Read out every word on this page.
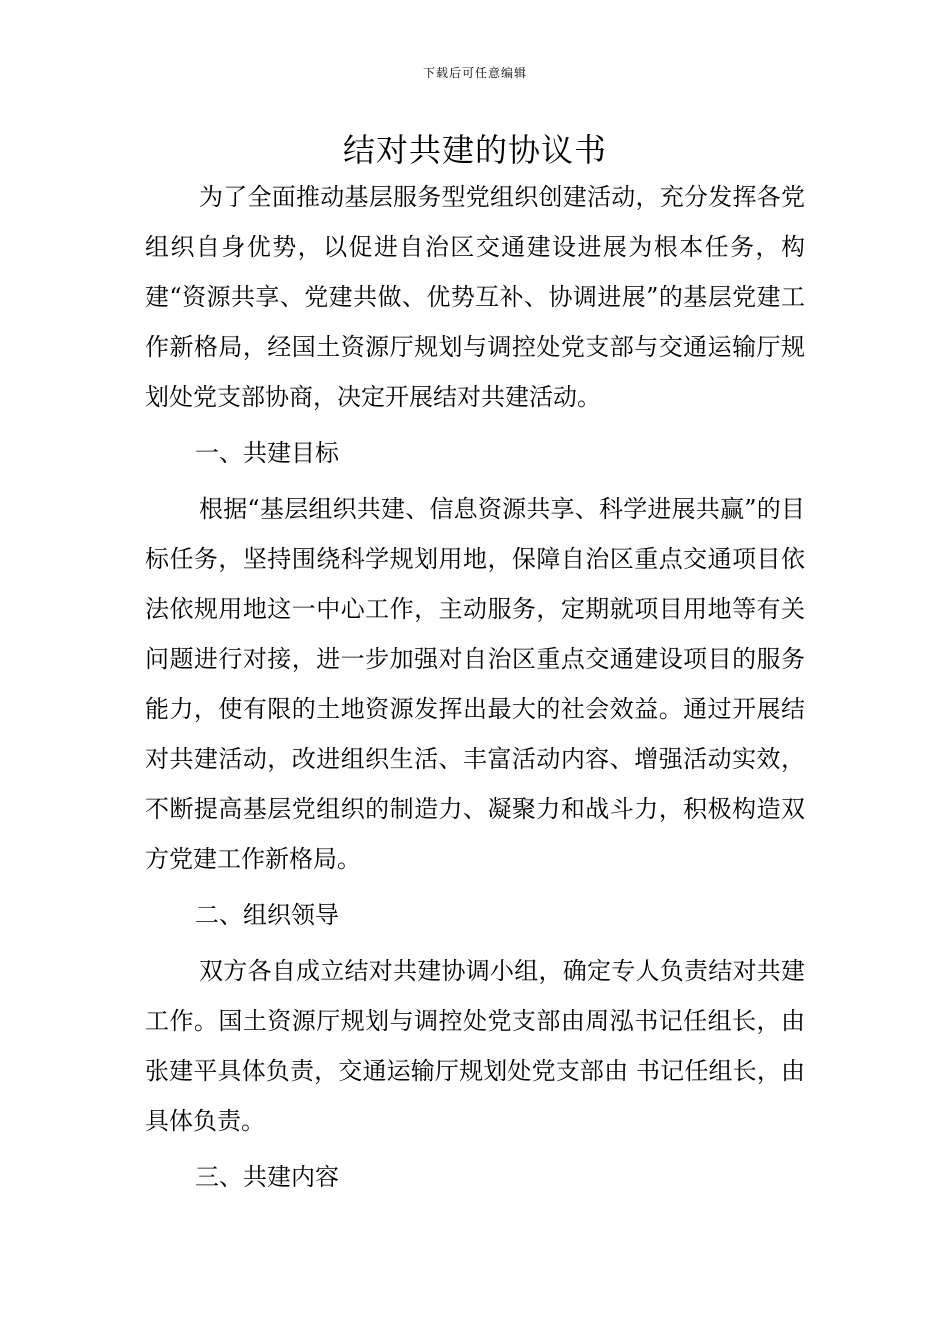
下载后可任意编辑
结对共建的协议书

为了全面推动基层服务型党组织创建活动，充分发挥各党组织自身优势，以促进自治区交通建设进展为根本任务，构建“资源共享、党建共做、优势互补、协调进展”的基层党建工作新格局，经国土资源厅规划与调控处党支部与交通运输厅规划处党支部协商，决定开展结对共建活动。

一、共建目标

根据“基层组织共建、信息资源共享、科学进展共赢”的目标任务，坚持围绕科学规划用地，保障自治区重点交通项目依法依规用地这一中心工作，主动服务，定期就项目用地等有关问题进行对接，进一步加强对自治区重点交通建设项目的服务能力，使有限的土地资源发挥出最大的社会效益。通过开展结对共建活动，改进组织生活、丰富活动内容、增强活动实效，不断提高基层党组织的制造力、凝聚力和战斗力，积极构造双方党建工作新格局。

二、组织领导

双方各自成立结对共建协调小组，确定专人负责结对共建工作。国土资源厅规划与调控处党支部由周泓书记任组长，由张建平具体负责，交通运输厅规划处党支部由 书记任组长，由 具体负责。

三、共建内容
